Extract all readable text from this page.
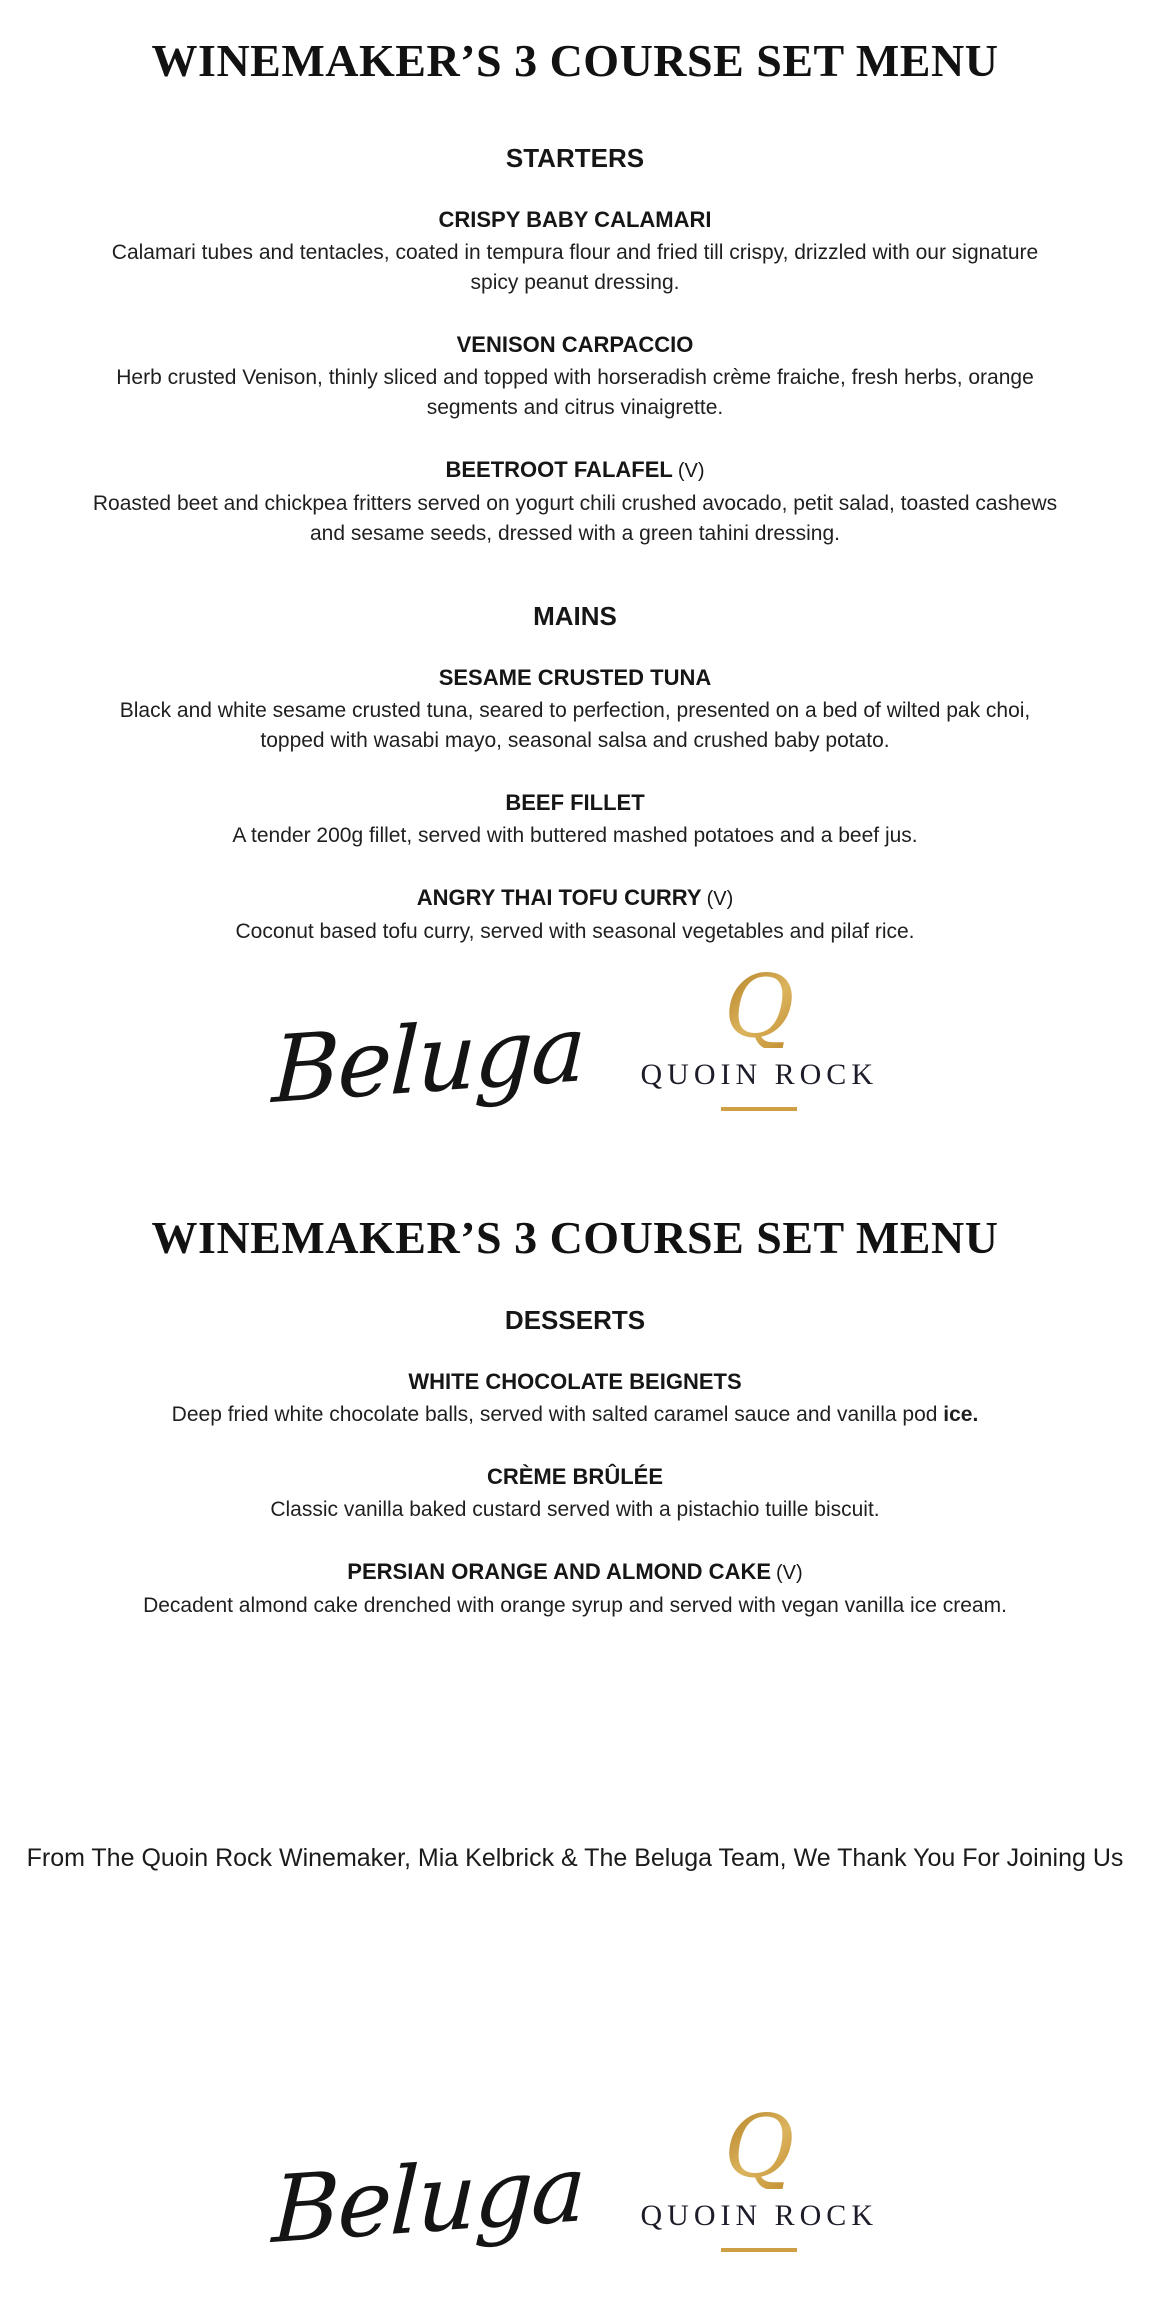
WINEMAKER’S 3 COURSE SET MENU
STARTERS
CRISPY BABY CALAMARI

Calamari tubes and tentacles, coated in tempura flour and fried till crispy, drizzled with our signature spicy peanut dressing.

VENISON CARPACCIO

Herb crusted Venison, thinly sliced and topped with horseradish crème fraiche, fresh herbs, orange segments and citrus vinaigrette.

BEETROOT FALAFEL (V)

Roasted beet and chickpea fritters served on yogurt chili crushed avocado, petit salad, toasted cashews and sesame seeds, dressed with a green tahini dressing.

MAINS
SESAME CRUSTED TUNA

Black and white sesame crusted tuna, seared to perfection, presented on a bed of wilted pak choi, topped with wasabi mayo, seasonal salsa and crushed baby potato.

BEEF FILLET

A tender 200g fillet, served with buttered mashed potatoes and a beef jus.

ANGRY THAI TOFU CURRY (V)

Coconut based tofu curry, served with seasonal vegetables and pilaf rice.

Beluga Q
QUOIN ROCK
WINEMAKER’S 3 COURSE SET MENU
DESSERTS
WHITE CHOCOLATE BEIGNETS

Deep fried white chocolate balls, served with salted caramel sauce and vanilla pod ice.

CRÈME BRÛLÉE

Classic vanilla baked custard served with a pistachio tuille biscuit.

PERSIAN ORANGE AND ALMOND CAKE (V)

Decadent almond cake drenched with orange syrup and served with vegan vanilla ice cream.

From The Quoin Rock Winemaker, Mia Kelbrick & The Beluga Team, We Thank You For Joining Us

Beluga Q
QUOIN ROCK
